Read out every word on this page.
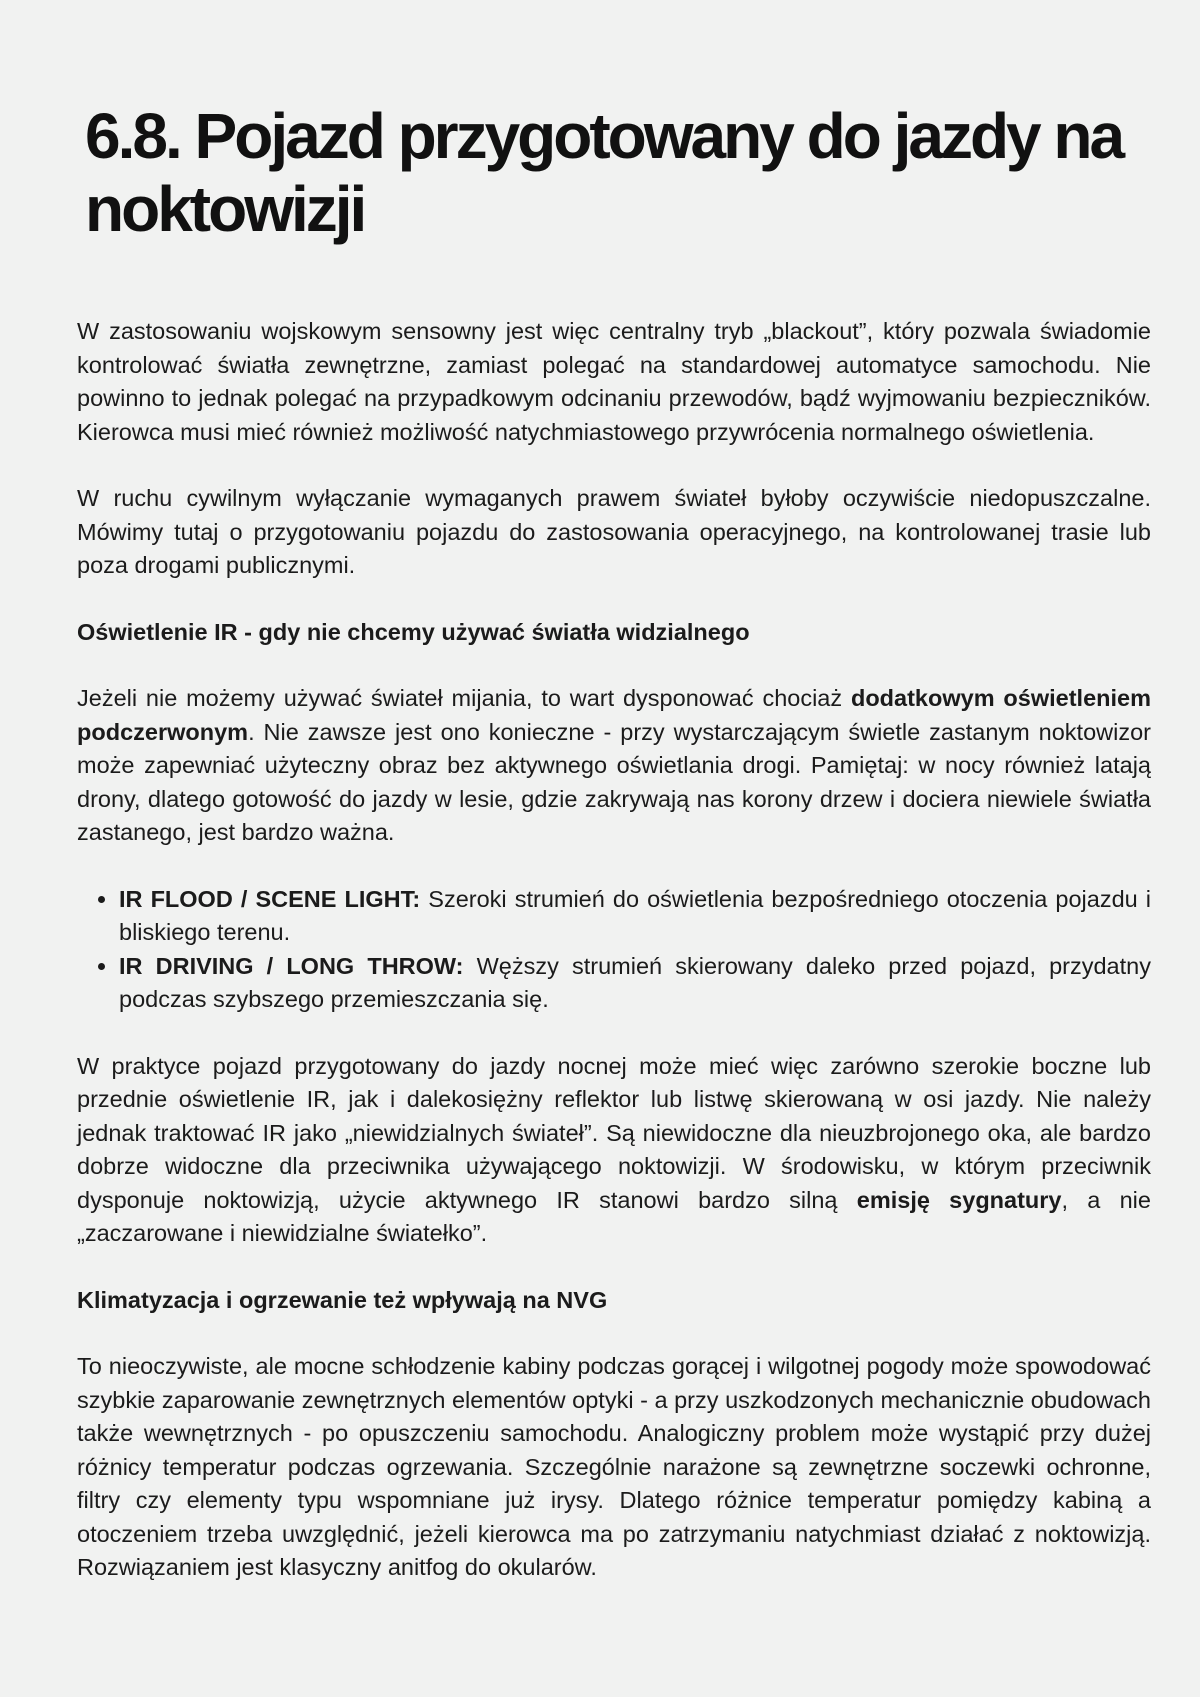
6.8. Pojazd przygotowany do jazdy na noktowizji

W zastosowaniu wojskowym sensowny jest więc centralny tryb „blackout”, który pozwala świadomie kontrolować światła zewnętrzne, zamiast polegać na standardowej automatyce samochodu. Nie powinno to jednak polegać na przypadkowym odcinaniu przewodów, bądź wyjmowaniu bezpieczników. Kierowca musi mieć również możliwość natychmiastowego przywrócenia normalnego oświetlenia.

W ruchu cywilnym wyłączanie wymaganych prawem świateł byłoby oczywiście niedopuszczalne. Mówimy tutaj o przygotowaniu pojazdu do zastosowania operacyjnego, na kontrolowanej trasie lub poza drogami publicznymi.

Oświetlenie IR - gdy nie chcemy używać światła widzialnego

Jeżeli nie możemy używać świateł mijania, to wart dysponować chociaż dodatkowym oświetleniem podczerwonym. Nie zawsze jest ono konieczne - przy wystarczającym świetle zastanym noktowizor może zapewniać użyteczny obraz bez aktywnego oświetlania drogi. Pamiętaj: w nocy również latają drony, dlatego gotowość do jazdy w lesie, gdzie zakrywają nas korony drzew i dociera niewiele światła zastanego, jest bardzo ważna.

• IR FLOOD / SCENE LIGHT: Szeroki strumień do oświetlenia bezpośredniego otoczenia pojazdu i bliskiego terenu.
• IR DRIVING / LONG THROW: Węższy strumień skierowany daleko przed pojazd, przydatny podczas szybszego przemieszczania się.

W praktyce pojazd przygotowany do jazdy nocnej może mieć więc zarówno szerokie boczne lub przednie oświetlenie IR, jak i dalekosiężny reflektor lub listwę skierowaną w osi jazdy. Nie należy jednak traktować IR jako „niewidzialnych świateł”. Są niewidoczne dla nieuzbrojonego oka, ale bardzo dobrze widoczne dla przeciwnika używającego noktowizji. W środowisku, w którym przeciwnik dysponuje noktowizją, użycie aktywnego IR stanowi bardzo silną emisję sygnatury, a nie „zaczarowane i niewidzialne światełko”.

Klimatyzacja i ogrzewanie też wpływają na NVG

To nieoczywiste, ale mocne schłodzenie kabiny podczas gorącej i wilgotnej pogody może spowodować szybkie zaparowanie zewnętrznych elementów optyki - a przy uszkodzonych mechanicznie obudowach także wewnętrznych - po opuszczeniu samochodu. Analogiczny problem może wystąpić przy dużej różnicy temperatur podczas ogrzewania. Szczególnie narażone są zewnętrzne soczewki ochronne, filtry czy elementy typu wspomniane już irysy. Dlatego różnice temperatur pomiędzy kabiną a otoczeniem trzeba uwzględnić, jeżeli kierowca ma po zatrzymaniu natychmiast działać z noktowizją. Rozwiązaniem jest klasyczny anitfog do okularów.
